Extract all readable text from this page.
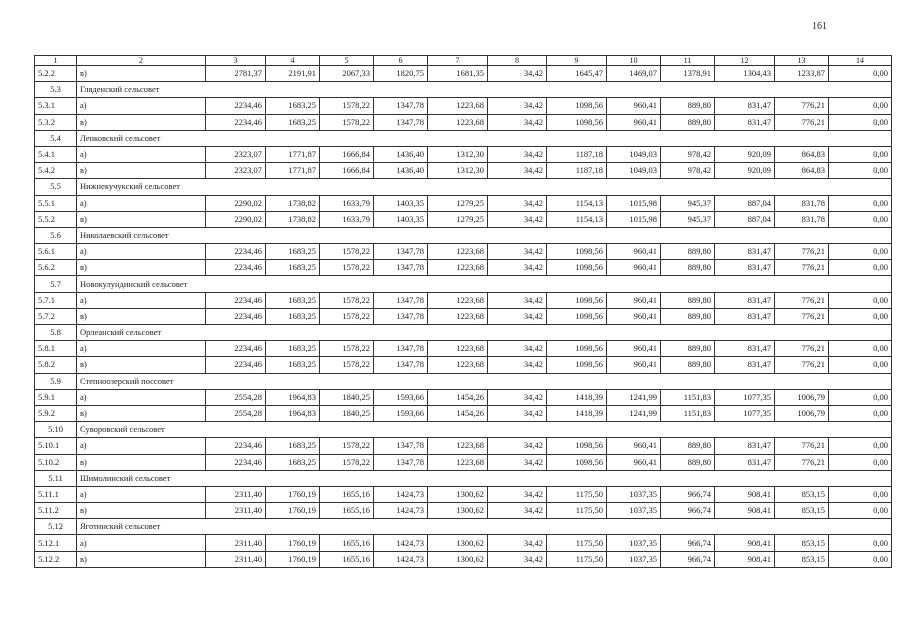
161
1	2	3	4	5	6	7	8	9	10	11	12	13	14
5.2.2	в)	2781,37	2191,91	2067,33	1820,75	1681,35	34,42	1645,47	1469,07	1378,91	1304,43	1233,87	0,00
5.3	Глядeнский сельсовет												
5.3.1	а)	2234,46	1683,25	1578,22	1347,78	1223,68	34,42	1098,56	960,41	889,80	831,47	776,21	0,00
5.3.2	в)	2234,46	1683,25	1578,22	1347,78	1223,68	34,42	1098,56	960,41	889,80	831,47	776,21	0,00
5.4	Ленковский сельсовет												
5.4.1	а)	2323,07	1771,87	1666,84	1436,40	1312,30	34,42	1187,18	1049,03	978,42	920,09	864,83	0,00
5.4.2	в)	2323,07	1771,87	1666,84	1436,40	1312,30	34,42	1187,18	1049,03	978,42	920,09	864,83	0,00
5.5	Нижнекучукский сельсовет												
5.5.1	а)	2290,02	1738,82	1633,79	1403,35	1279,25	34,42	1154,13	1015,98	945,37	887,04	831,78	0,00
5.5.2	в)	2290,02	1738,82	1633,79	1403,35	1279,25	34,42	1154,13	1015,98	945,37	887,04	831,78	0,00
5.6	Николаевский сельсовет												
5.6.1	а)	2234,46	1683,25	1578,22	1347,78	1223,68	34,42	1098,56	960,41	889,80	831,47	776,21	0,00
5.6.2	в)	2234,46	1683,25	1578,22	1347,78	1223,68	34,42	1098,56	960,41	889,80	831,47	776,21	0,00
5.7	Новокулундинский сельсовет												
5.7.1	а)	2234,46	1683,25	1578,22	1347,78	1223,68	34,42	1098,56	960,41	889,80	831,47	776,21	0,00
5.7.2	в)	2234,46	1683,25	1578,22	1347,78	1223,68	34,42	1098,56	960,41	889,80	831,47	776,21	0,00
5.8	Орлеанский сельсовет												
5.8.1	а)	2234,46	1683,25	1578,22	1347,78	1223,68	34,42	1098,56	960,41	889,80	831,47	776,21	0,00
5.8.2	в)	2234,46	1683,25	1578,22	1347,78	1223,68	34,42	1098,56	960,41	889,80	831,47	776,21	0,00
5.9	Степноозерский поссовет												
5.9.1	а)	2554,28	1964,83	1840,25	1593,66	1454,26	34,42	1418,39	1241,99	1151,83	1077,35	1006,79	0,00
5.9.2	в)	2554,28	1964,83	1840,25	1593,66	1454,26	34,42	1418,39	1241,99	1151,83	1077,35	1006,79	0,00
5.10	Суворовский сельсовет												
5.10.1	а)	2234,46	1683,25	1578,22	1347,78	1223,68	34,42	1098,56	960,41	889,80	831,47	776,21	0,00
5.10.2	в)	2234,46	1683,25	1578,22	1347,78	1223,68	34,42	1098,56	960,41	889,80	831,47	776,21	0,00
5.11	Шимолинский сельсовет												
5.11.1	а)	2311,40	1760,19	1655,16	1424,73	1300,62	34,42	1175,50	1037,35	966,74	908,41	853,15	0,00
5.11.2	в)	2311,40	1760,19	1655,16	1424,73	1300,62	34,42	1175,50	1037,35	966,74	908,41	853,15	0,00
5.12	Яготинский сельсовет												
5.12.1	а)	2311,40	1760,19	1655,16	1424,73	1300,62	34,42	1175,50	1037,35	966,74	908,41	853,15	0,00
5.12.2	в)	2311,40	1760,19	1655,16	1424,73	1300,62	34,42	1175,50	1037,35	966,74	908,41	853,15	0,00
